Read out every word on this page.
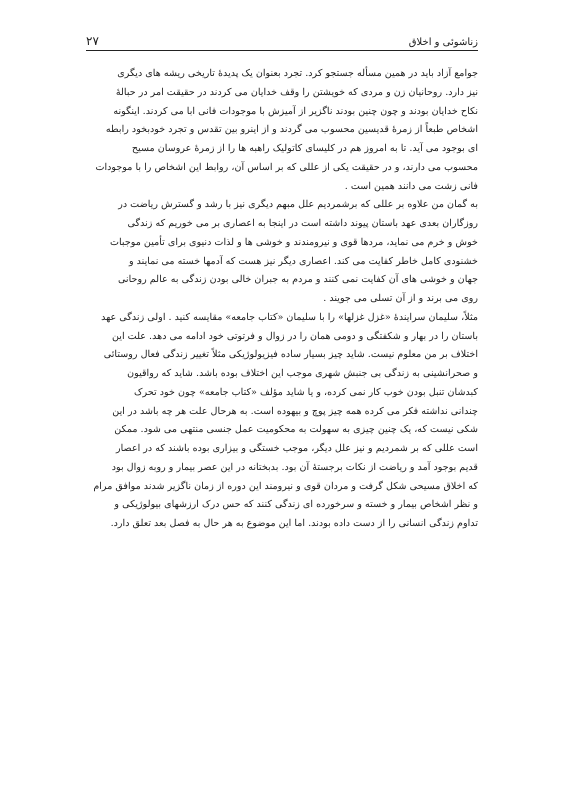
۲۷	زناشوئی و اخلاق

جوامع آزاد باید در همین مسأله جستجو کرد. تجرد بعنوان یک پدیدهٔ تاریخی ریشه های دیگری
نیز دارد. روحانیان زن و مردی که خویشتن را وقف خدایان می کردند در حقیقت امر در حبالهٔ
نکاح خدایان بودند و چون چنین بودند ناگزیر از آمیزش با موجودات فانی ابا می کردند. اینگونه
اشخاص طبعاً از زمرهٔ قدیسین محسوب می گردند و از اینرو بین تقدس و تجرد خودبخود رابطه
ای بوجود می آید. تا به امروز هم در کلیسای کاتولیک راهبه ها را از زمرهٔ عروسان مسیح
محسوب می دارند، و در حقیقت یکی از عللی که بر اساس آن، روابط این اشخاص را با موجودات
فانی زشت می دانند همین است .

به گمان من علاوه بر عللی که برشمردیم علل مبهم دیگری نیز با رشد و گسترش ریاضت در
روزگاران بعدی عهد باستان پیوند داشته است در اینجا به اعصاری بر می خوریم که زندگی
خوش و خرم می نماید، مردها قوی و نیرومندند و خوشی ها و لذات دنیوی برای تأمین موجبات
خشنودی کامل خاطر کفایت می کند. اعصاری دیگر نیز هست که آدمها خسته می نمایند و
جهان و خوشی های آن کفایت نمی کنند و مردم به جبران خالی بودن زندگی به عالم روحانی
روی می برند و از آن تسلی می جویند .

مثلاً، سلیمان سرایندهٔ «غزل غزلها» را با سلیمان «کتاب جامعه» مقایسه کنید . اولی زندگی عهد
باستان را در بهار و شکفتگی و دومی همان را در زوال و فرتوتی خود ادامه می دهد. علت این
اختلاف بر من معلوم نیست. شاید چیز بسیار ساده فیزیولوژیکی مثلاً تغییر زندگی فعال روستائی
و صحرانشینی به زندگی بی جنبش شهری موجب این اختلاف بوده باشد. شاید که رواقیون
کبدشان تنبل بودن خوب کار نمی کرده، و یا شاید مؤلف «کتاب جامعه» چون خود تحرک
چندانی نداشته فکر می کرده همه چیز پوچ و بیهوده است. به هرحال علت هر چه باشد در این
شکی نیست که، یک چنین چیزی به سهولت به محکومیت عمل جنسی منتهی می شود. ممکن
است عللی که بر شمردیم و نیز علل دیگر، موجب خستگی و بیزاری بوده باشند که در اعصار
قدیم بوجود آمد و ریاضت از نکات برجستهٔ آن بود. بدبختانه در این عصر بیمار و روبه زوال بود
که اخلاق مسیحی شکل گرفت و مردان قوی و نیرومند این دوره از زمان ناگزیر شدند موافق مرام
و نظر اشخاص بیمار و خسته و سرخورده ای زندگی کنند که حس درک ارزشهای بیولوژیکی و
تداوم زندگی انسانی را از دست داده بودند. اما این موضوع به هر حال به فصل بعد تعلق دارد.
